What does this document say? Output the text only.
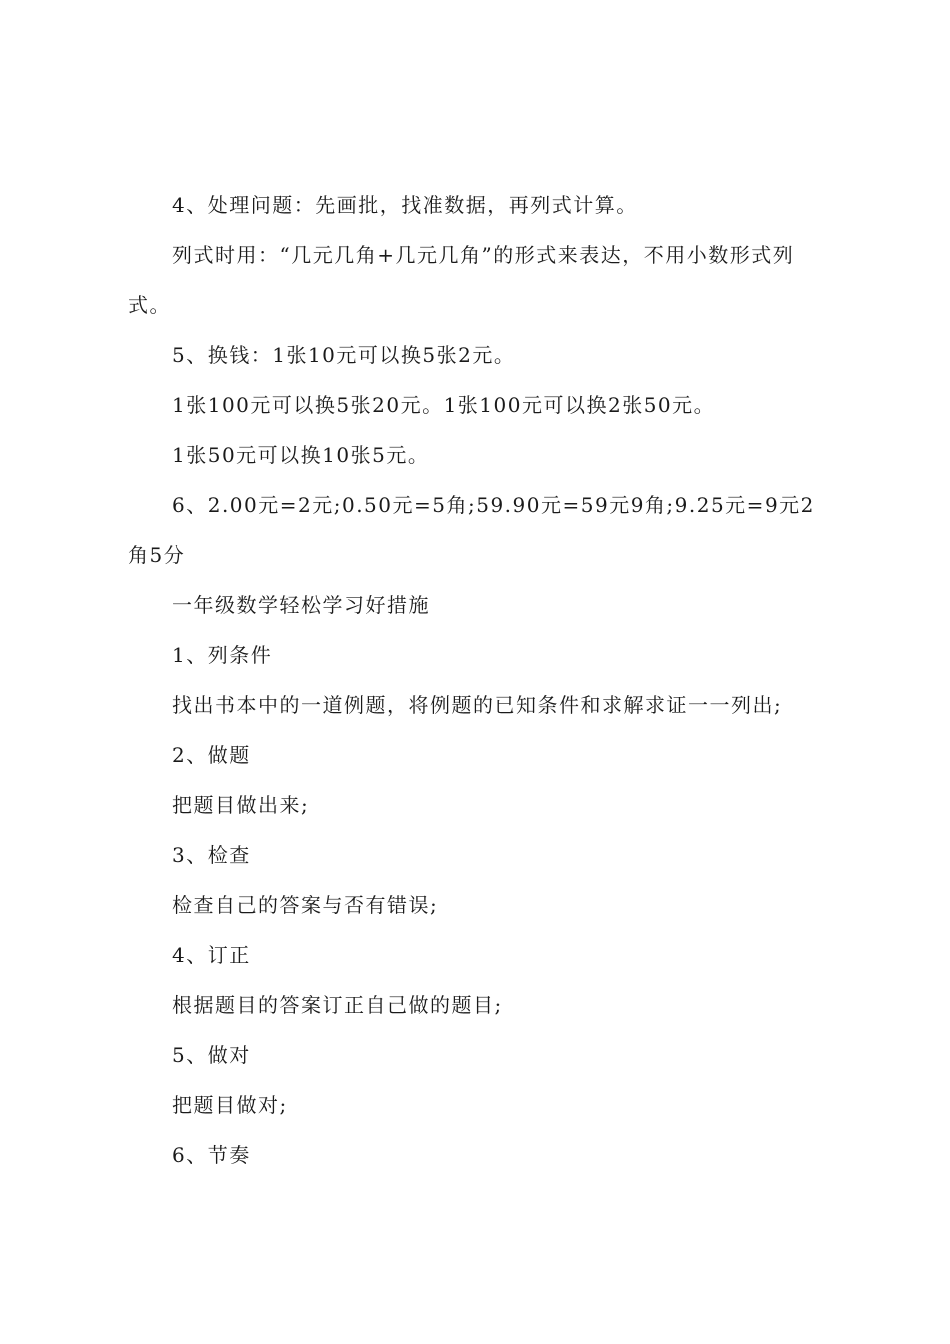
4、处理问题：先画批，找准数据，再列式计算。

列式时用：“几元几角+几元几角”的形式来表达，不用小数形式列式。

5、换钱：1张10元可以换5张2元。

1张100元可以换5张20元。1张100元可以换2张50元。

1张50元可以换10张5元。

6、2.00元=2元;0.50元=5角;59.90元=59元9角;9.25元=9元2角5分

一年级数学轻松学习好措施

1、列条件

找出书本中的一道例题，将例题的已知条件和求解求证一一列出;

2、做题

把题目做出来;

3、检查

检查自己的答案与否有错误;

4、订正

根据题目的答案订正自己做的题目;

5、做对

把题目做对;

6、节奏
